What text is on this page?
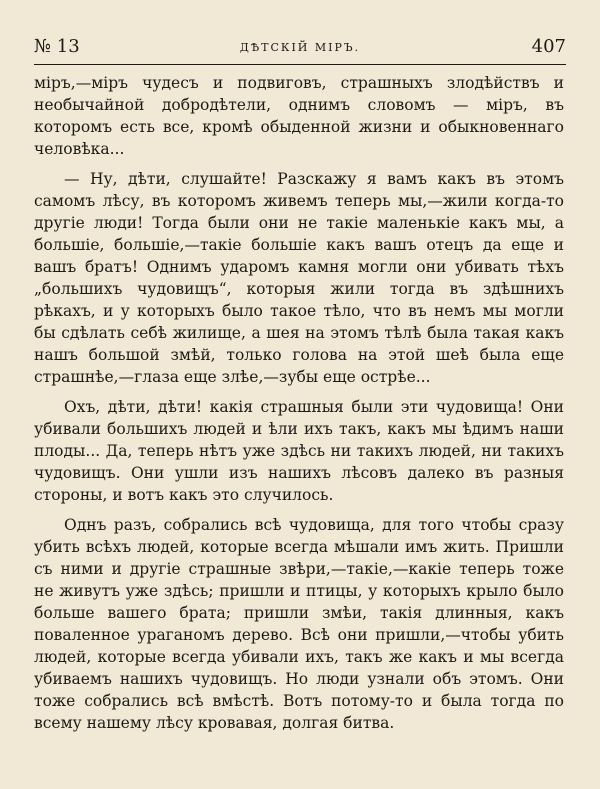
№ 13	ДѢТСКІЙ МІРЪ.	407

міръ,—міръ чудесъ и подвиговъ, страшныхъ злодѣйствъ и необычайной добродѣтели, однимъ словомъ — міръ, въ которомъ есть все, кромѣ обыденной жизни и обыкновеннаго человѣка...

— Ну, дѣти, слушайте! Разскажу я вамъ какъ въ этомъ самомъ лѣсу, въ которомъ живемъ теперь мы,—жили когда-то другіе люди! Тогда были они не такіе маленькіе какъ мы, а большіе, большіе,—такіе большіе какъ вашъ отецъ да еще и вашъ братъ! Однимъ ударомъ камня могли они убивать тѣхъ „большихъ чудовищъ“, которыя жили тогда въ здѣшнихъ рѣкахъ, и у которыхъ было такое тѣло, что въ немъ мы могли бы сдѣлать себѣ жилище, а шея на этомъ тѣлѣ была такая какъ нашъ большой змѣй, только голова на этой шеѣ была еще страшнѣе,—глаза еще злѣе,—зубы еще острѣе...

Охъ, дѣти, дѣти! какія страшныя были эти чудовища! Они убивали большихъ людей и ѣли ихъ такъ, какъ мы ѣдимъ наши плоды... Да, теперь нѣтъ уже здѣсь ни такихъ людей, ни такихъ чудовищъ. Они ушли изъ нашихъ лѣсовъ далеко въ разныя стороны, и вотъ какъ это случилось.

Однъ разъ, собрались всѣ чудовища, для того чтобы сразу убить всѣхъ людей, которые всегда мѣшали имъ жить. Пришли съ ними и другіе страшные звѣри,—такіе,—какіе теперь тоже не живутъ уже здѣсь; пришли и птицы, у которыхъ крыло было больше вашего брата; пришли змѣи, такія длинныя, какъ поваленное ураганомъ дерево. Всѣ они пришли,—чтобы убить людей, которые всегда убивали ихъ, такъ же какъ и мы всегда убиваемъ нашихъ чудовищъ. Но люди узнали объ этомъ. Они тоже собрались всѣ вмѣстѣ. Вотъ потому-то и была тогда по всему нашему лѣсу кровавая, долгая битва.
